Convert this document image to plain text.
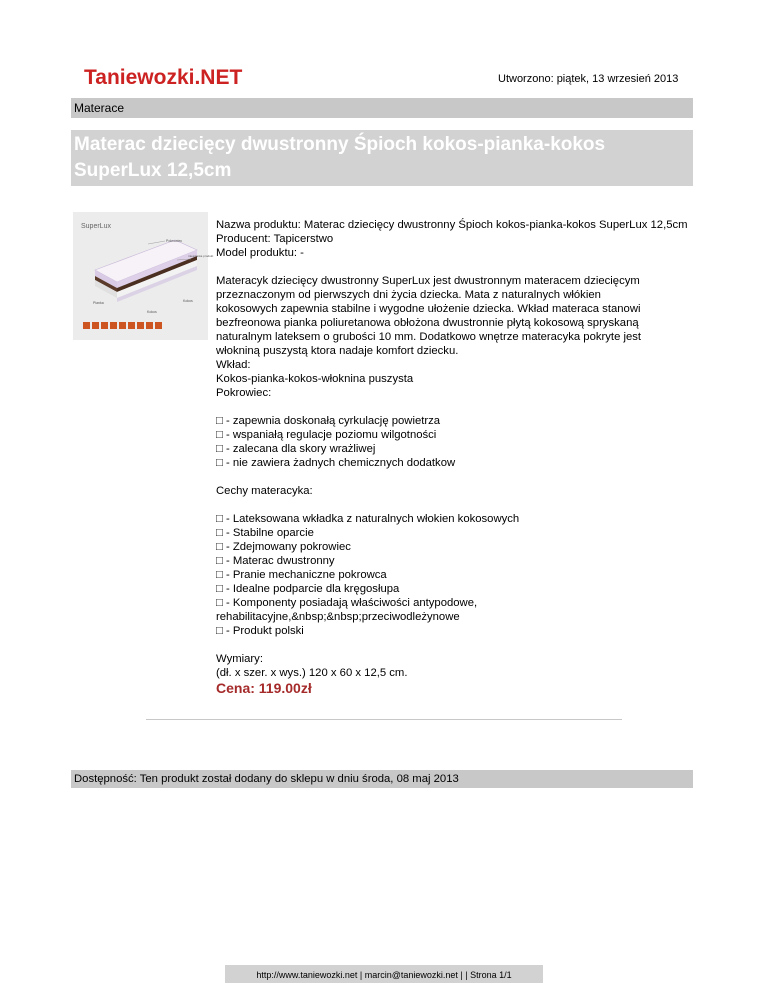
Taniewozki.NET	Utworzono: piątek, 13 wrzesień 2013
Materace
Materac dziecięcy dwustronny Śpioch kokos-pianka-kokos SuperLux 12,5cm
SuperLux
Pokrowiec
mieszanka produkt
Kokos
Pianka
Kokos

Nazwa produktu: Materac dziecięcy dwustronny Śpioch kokos-pianka-kokos SuperLux 12,5cm

Producent: Tapicerstwo

Model produktu: -

Materacyk dziecięcy dwustronny SuperLux jest dwustronnym materacem dziecięcym

przeznaczonym od pierwszych dni życia dziecka. Mata z naturalnych włókien

kokosowych zapewnia stabilne i wygodne ułożenie dziecka. Wkład materaca stanowi

bezfreonowa pianka poliuretanowa obłożona dwustronnie płytą kokosową spryskaną

naturalnym lateksem o grubości 10 mm. Dodatkowo wnętrze materacyka pokryte jest

włokniną puszystą ktora nadaje komfort dziecku.

Wkład:

Kokos-pianka-kokos-włoknina puszysta

Pokrowiec:

□ - zapewnia doskonałą cyrkulację powietrza

□ - wspaniałą regulacje poziomu wilgotności

□ - zalecana dla skory wrażliwej

□ - nie zawiera żadnych chemicznych dodatkow

Cechy materacyka:

□ - Lateksowana wkładka z naturalnych włokien kokosowych

□ - Stabilne oparcie

□ - Zdejmowany pokrowiec

□ - Materac dwustronny

□ - Pranie mechaniczne pokrowca

□ - Idealne podparcie dla kręgosłupa

□ - Komponenty posiadają właściwości antypodowe,

rehabilitacyjne,&nbsp;&nbsp;przeciwodleżynowe

□ - Produkt polski

Wymiary:

(dł. x szer. x wys.) 120 x 60 x 12,5 cm.

Cena: 119.00zł

Dostępność: Ten produkt został dodany do sklepu w dniu środa, 08 maj 2013
http://www.taniewozki.net | marcin@taniewozki.net | | Strona 1/1
